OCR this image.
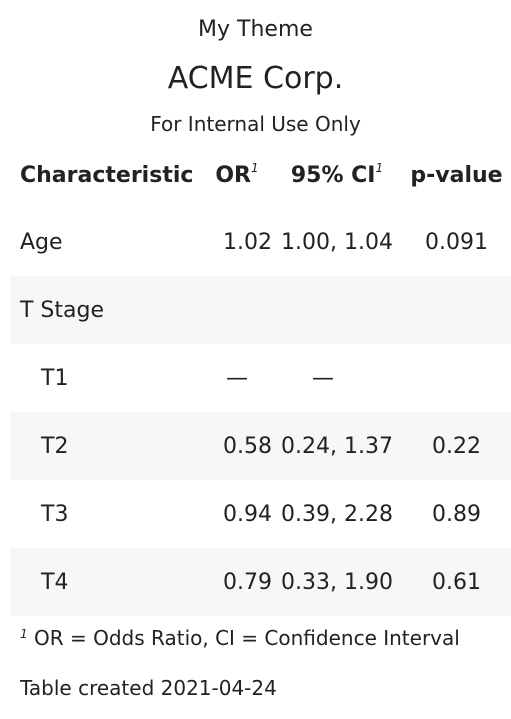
My Theme
ACME Corp.
For Internal Use Only
Characteristic	$OR^1$	95% $CI^1$	p-value
Age	1.02	1.00, 1.04	0.091
T Stage			
T1	—	—	
T2	0.58	0.24, 1.37	0.22
T3	0.94	0.39, 2.28	0.89
T4	0.79	0.33, 1.90	0.61
$^1$ OR = Odds Ratio, CI = Confidence Interval
Table created 2021-04-24
